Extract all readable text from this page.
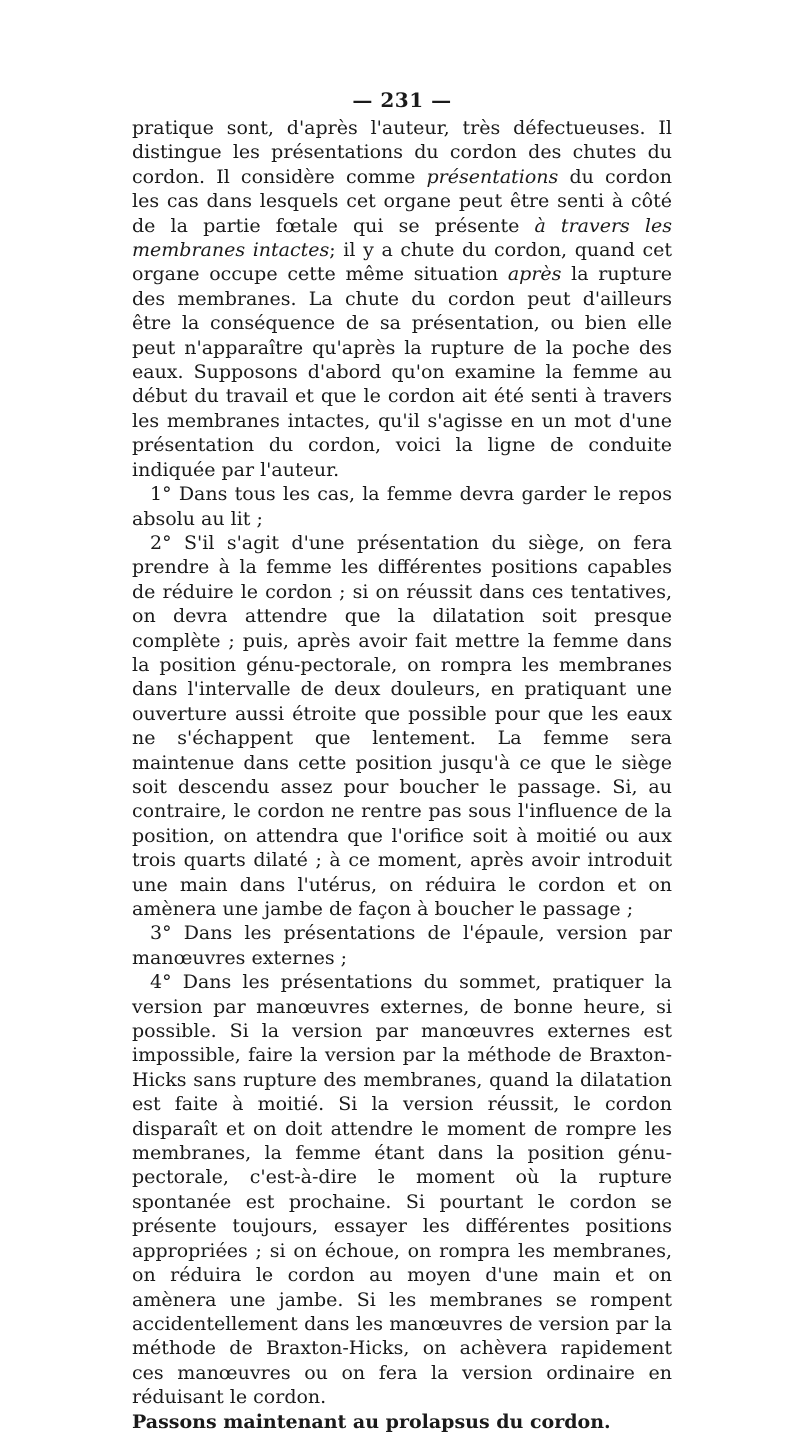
— 231 —

pratique sont, d'après l'auteur, très défectueuses. Il distingue les présentations du cordon des chutes du cordon. Il considère comme présentations du cordon les cas dans lesquels cet organe peut être senti à côté de la partie fœtale qui se présente à travers les membranes intactes; il y a chute du cordon, quand cet organe occupe cette même situation après la rupture des membranes. La chute du cordon peut d'ailleurs être la conséquence de sa présentation, ou bien elle peut n'apparaître qu'après la rupture de la poche des eaux. Supposons d'abord qu'on examine la femme au début du travail et que le cordon ait été senti à travers les membranes intactes, qu'il s'agisse en un mot d'une présentation du cordon, voici la ligne de conduite indiquée par l'auteur.

1° Dans tous les cas, la femme devra garder le repos absolu au lit ;

2° S'il s'agit d'une présentation du siège, on fera prendre à la femme les différentes positions capables de réduire le cordon ; si on réussit dans ces tentatives, on devra attendre que la dilatation soit presque complète ; puis, après avoir fait mettre la femme dans la position génu-pectorale, on rompra les membranes dans l'intervalle de deux douleurs, en pratiquant une ouverture aussi étroite que possible pour que les eaux ne s'échappent que lentement. La femme sera maintenue dans cette position jusqu'à ce que le siège soit descendu assez pour boucher le passage. Si, au contraire, le cordon ne rentre pas sous l'influence de la position, on attendra que l'orifice soit à moitié ou aux trois quarts dilaté ; à ce moment, après avoir introduit une main dans l'utérus, on réduira le cordon et on amènera une jambe de façon à boucher le passage ;

3° Dans les présentations de l'épaule, version par manœuvres externes ;

4° Dans les présentations du sommet, pratiquer la version par manœuvres externes, de bonne heure, si possible. Si la version par manœuvres externes est impossible, faire la version par la méthode de Braxton-Hicks sans rupture des membranes, quand la dilatation est faite à moitié. Si la version réussit, le cordon disparaît et on doit attendre le moment de rompre les membranes, la femme étant dans la position génu-pectorale, c'est-à-dire le moment où la rupture spontanée est prochaine. Si pourtant le cordon se présente toujours, essayer les différentes positions appropriées ; si on échoue, on rompra les membranes, on réduira le cordon au moyen d'une main et on amènera une jambe. Si les membranes se rompent accidentellement dans les manœuvres de version par la méthode de Braxton-Hicks, on achèvera rapidement ces manœuvres ou on fera la version ordinaire en réduisant le cordon.

Passons maintenant au prolapsus du cordon.
